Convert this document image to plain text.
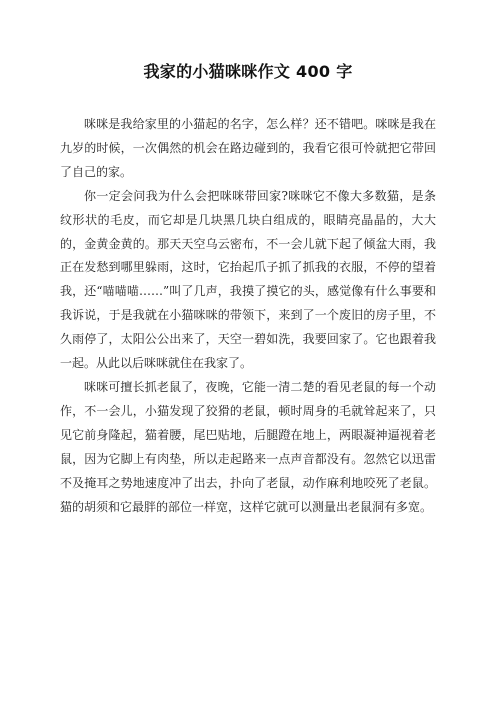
我家的小猫咪咪作文 400 字

咪咪是我给家里的小猫起的名字，怎么样？还不错吧。咪咪是我在九岁的时候，一次偶然的机会在路边碰到的，我看它很可怜就把它带回了自己的家。

你一定会问我为什么会把咪咪带回家?咪咪它不像大多数猫，是条纹形状的毛皮，而它却是几块黑几块白组成的，眼睛亮晶晶的，大大的，金黄金黄的。那天天空乌云密布，不一会儿就下起了倾盆大雨，我正在发愁到哪里躲雨，这时，它抬起爪子抓了抓我的衣服，不停的望着我，还“喵喵喵……”叫了几声，我摸了摸它的头，感觉像有什么事要和我诉说，于是我就在小猫咪咪的带领下，来到了一个废旧的房子里，不久雨停了，太阳公公出来了，天空一碧如洗，我要回家了。它也跟着我一起。从此以后咪咪就住在我家了。

咪咪可擅长抓老鼠了，夜晚，它能一清二楚的看见老鼠的每一个动作，不一会儿，小猫发现了狡猾的老鼠，顿时周身的毛就耸起来了，只见它前身隆起，猫着腰，尾巴贴地，后腿蹬在地上，两眼凝神逼视着老鼠，因为它脚上有肉垫，所以走起路来一点声音都没有。忽然它以迅雷不及掩耳之势地速度冲了出去，扑向了老鼠，动作麻利地咬死了老鼠。猫的胡须和它最胖的部位一样宽，这样它就可以测量出老鼠洞有多宽。
